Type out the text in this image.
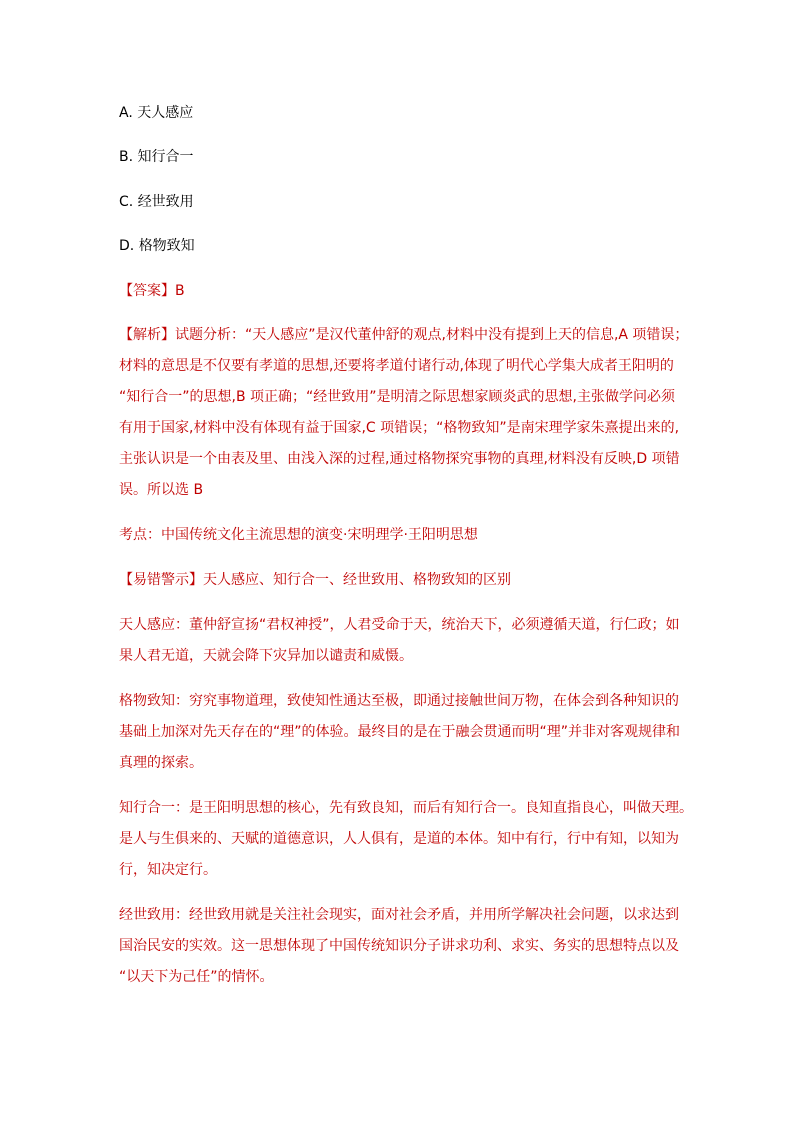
A. 天人感应
B. 知行合一
C. 经世致用
D. 格物致知
【答案】B
【解析】试题分析：“天人感应”是汉代董仲舒的观点,材料中没有提到上天的信息,A 项错误；
材料的意思是不仅要有孝道的思想,还要将孝道付诸行动,体现了明代心学集大成者王阳明的
“知行合一”的思想,B 项正确；“经世致用”是明清之际思想家顾炎武的思想,主张做学问必须
有用于国家,材料中没有体现有益于国家,C 项错误；“格物致知”是南宋理学家朱熹提出来的,
主张认识是一个由表及里、由浅入深的过程,通过格物探究事物的真理,材料没有反映,D 项错
误。所以选 B
考点：中国传统文化主流思想的演变·宋明理学·王阳明思想
【易错警示】天人感应、知行合一、经世致用、格物致知的区别
天人感应：董仲舒宣扬“君权神授”，人君受命于天，统治天下，必须遵循天道，行仁政；如
果人君无道，天就会降下灾异加以谴责和威慑。
格物致知：穷究事物道理，致使知性通达至极，即通过接触世间万物，在体会到各种知识的
基础上加深对先天存在的“理”的体验。最终目的是在于融会贯通而明“理”并非对客观规律和
真理的探索。
知行合一：是王阳明思想的核心，先有致良知，而后有知行合一。良知直指良心，叫做天理。
是人与生俱来的、天赋的道德意识，人人俱有，是道的本体。知中有行，行中有知，以知为
行，知决定行。
经世致用：经世致用就是关注社会现实，面对社会矛盾，并用所学解决社会问题，以求达到
国治民安的实效。这一思想体现了中国传统知识分子讲求功利、求实、务实的思想特点以及
“以天下为己任”的情怀。
